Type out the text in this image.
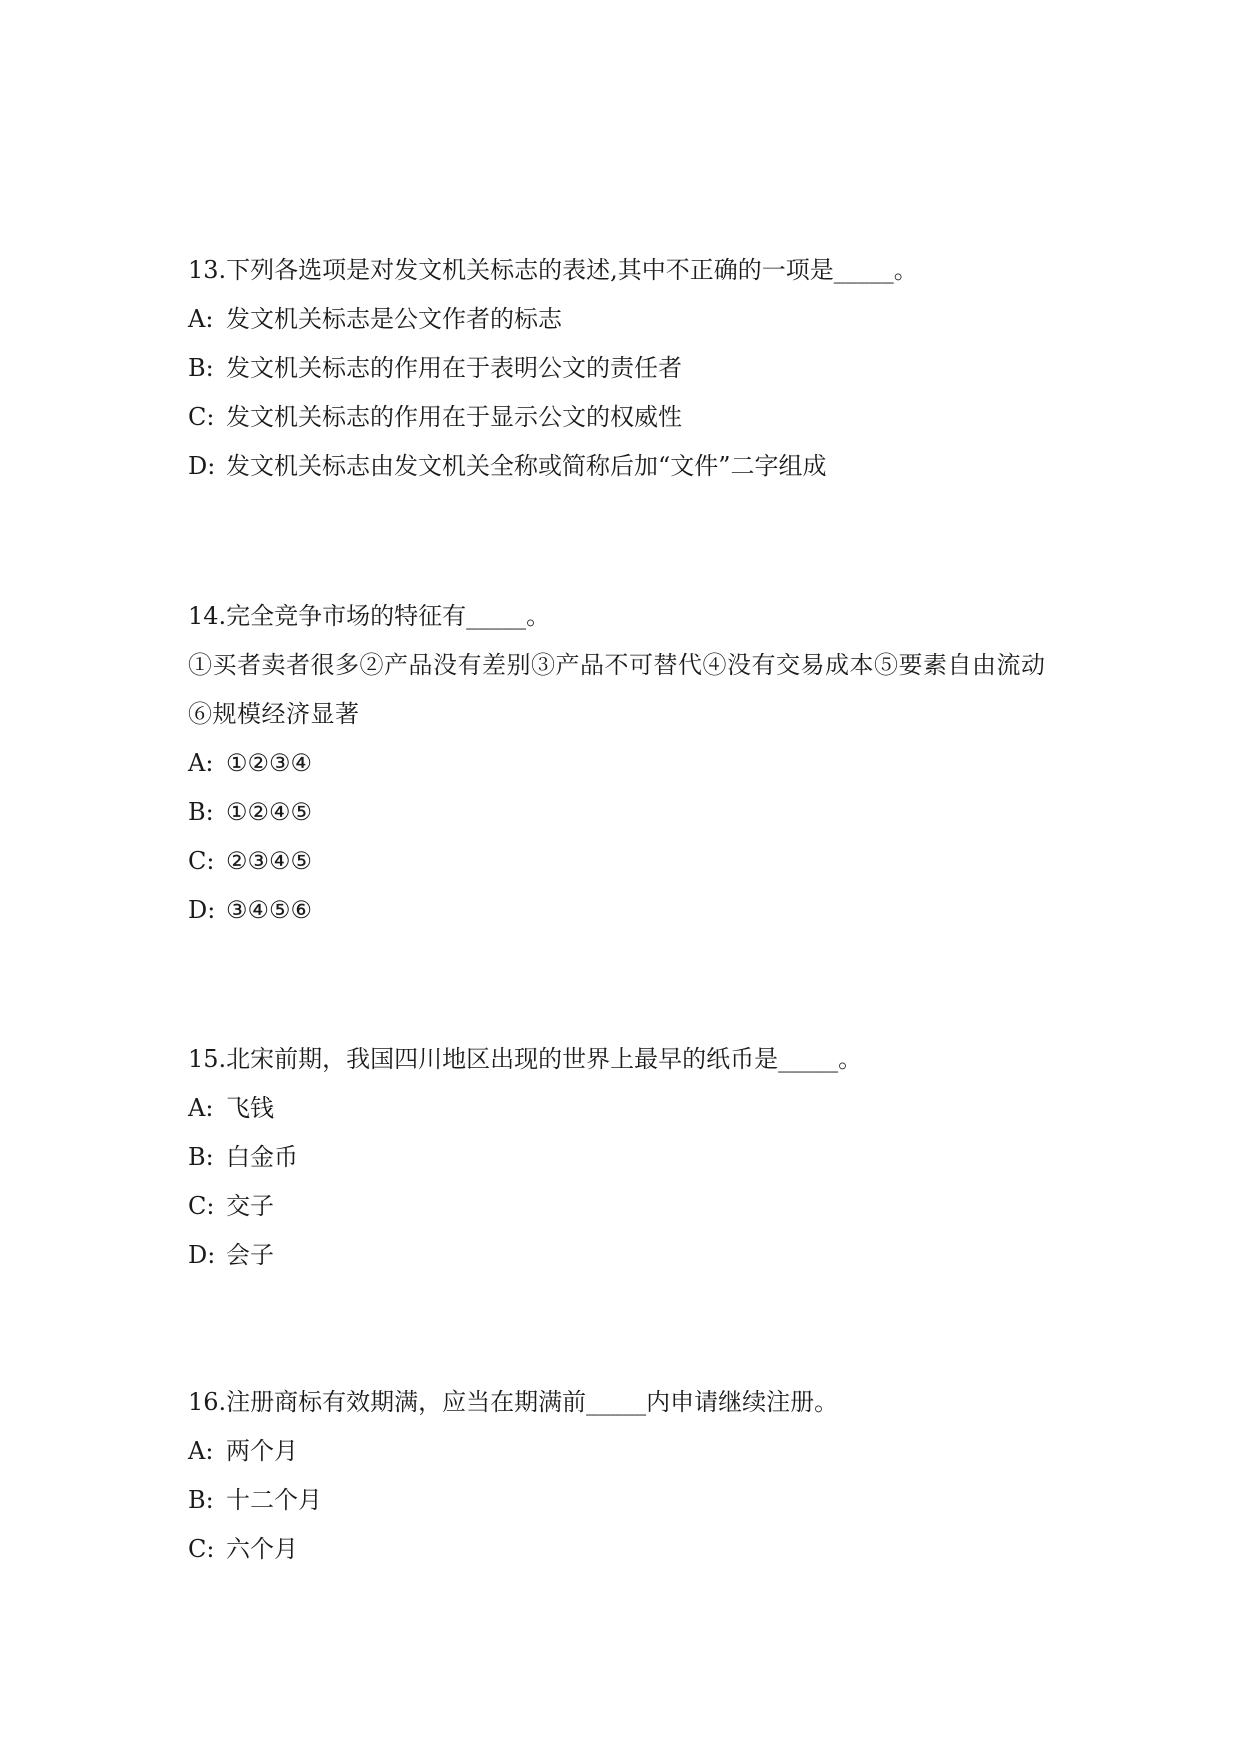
13.下列各选项是对发文机关标志的表述,其中不正确的一项是_____。
A: 发文机关标志是公文作者的标志
B: 发文机关标志的作用在于表明公文的责任者
C: 发文机关标志的作用在于显示公文的权威性
D: 发文机关标志由发文机关全称或简称后加“文件”二字组成
14.完全竞争市场的特征有_____。
①买者卖者很多②产品没有差别③产品不可替代④没有交易成本⑤要素自由流动⑥规模经济显著
A: ①②③④
B: ①②④⑤
C: ②③④⑤
D: ③④⑤⑥
15.北宋前期，我国四川地区出现的世界上最早的纸币是_____。
A: 飞钱
B: 白金币
C: 交子
D: 会子
16.注册商标有效期满，应当在期满前_____内申请继续注册。
A: 两个月
B: 十二个月
C: 六个月
